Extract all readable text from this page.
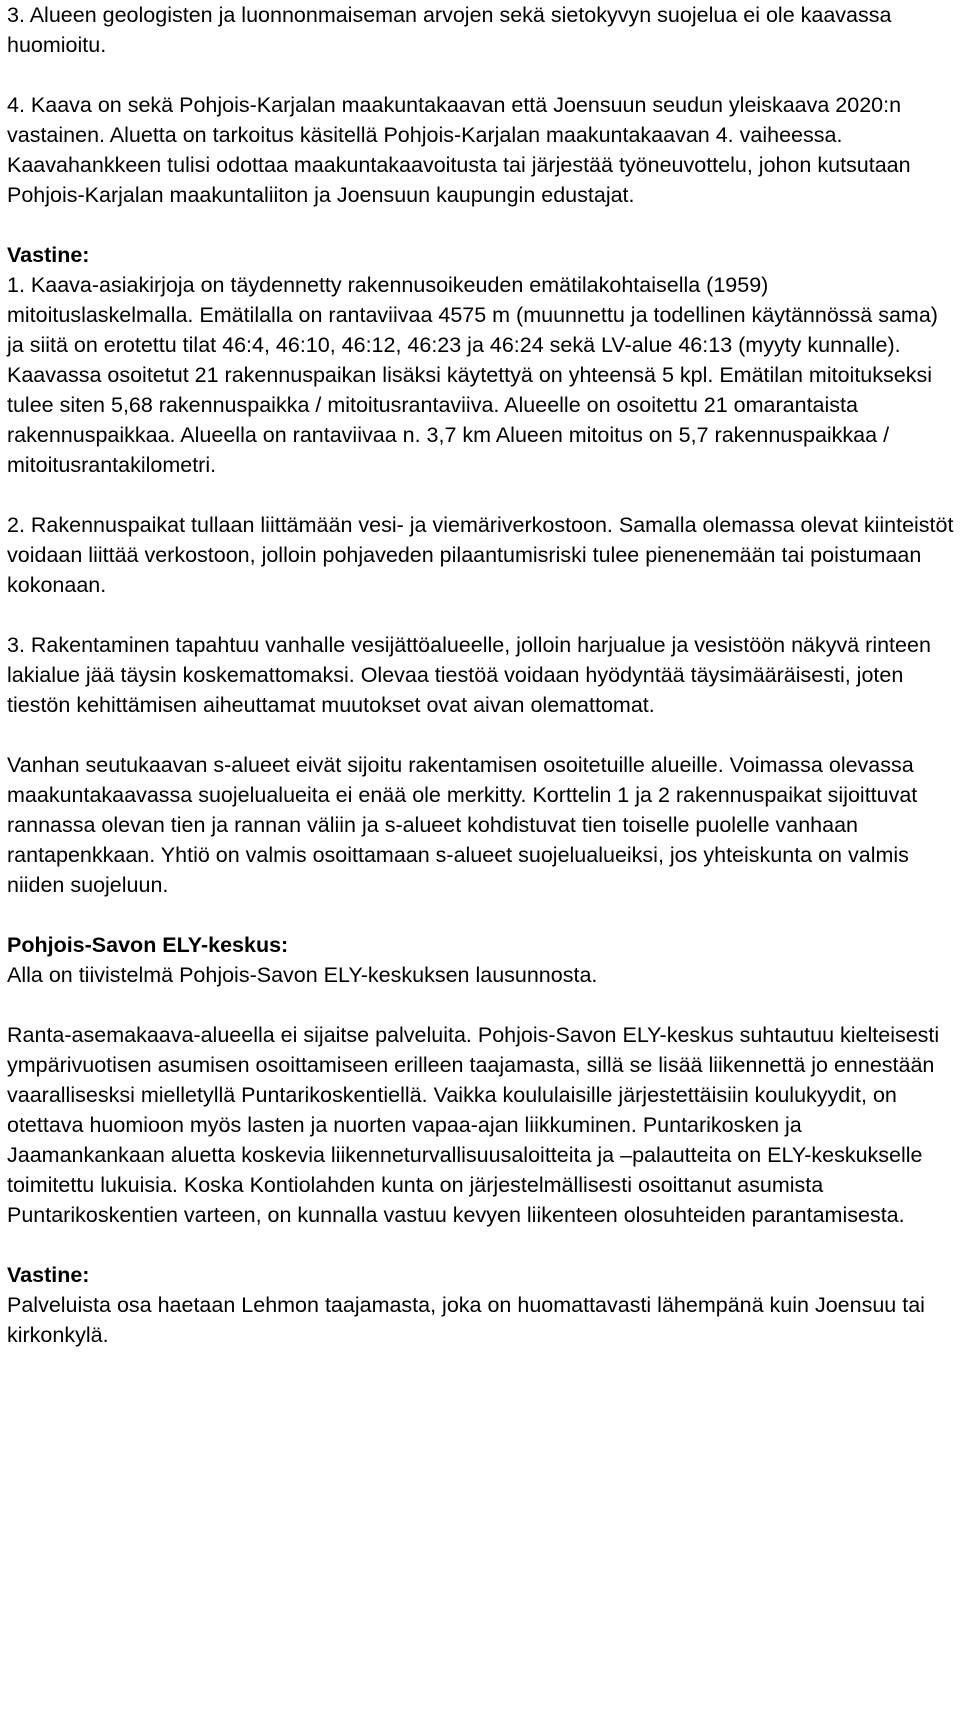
3. Alueen geologisten ja luonnonmaiseman arvojen sekä sietokyvyn suojelua ei ole kaavassa huomioitu.

4. Kaava on sekä Pohjois-Karjalan maakuntakaavan että Joensuun seudun yleiskaava 2020:n vastainen. Aluetta on tarkoitus käsitellä Pohjois-Karjalan maakuntakaavan 4. vaiheessa. Kaavahankkeen tulisi odottaa maakuntakaavoitusta tai järjestää työneuvottelu, johon kutsutaan Pohjois-Karjalan maakuntaliiton ja Joensuun kaupungin edustajat.

Vastine:

1. Kaava-asiakirjoja on täydennetty rakennusoikeuden emätilakohtaisella (1959) mitoituslaskelmalla. Emätilalla on rantaviivaa 4575 m (muunnettu ja todellinen käytännössä sama) ja siitä on erotettu tilat 46:4, 46:10, 46:12, 46:23 ja 46:24 sekä LV-alue 46:13 (myyty kunnalle). Kaavassa osoitetut 21 rakennuspaikan lisäksi käytettyä on yhteensä 5 kpl. Emätilan mitoitukseksi tulee siten 5,68 rakennuspaikka / mitoitusrantaviiva. Alueelle on osoitettu 21 omarantaista rakennuspaikkaa. Alueella on rantaviivaa n. 3,7 km Alueen mitoitus on 5,7 rakennuspaikkaa / mitoitusrantakilometri.

2. Rakennuspaikat tullaan liittämään vesi- ja viemäriverkostoon. Samalla olemassa olevat kiinteistöt voidaan liittää verkostoon, jolloin pohjaveden pilaantumisriski tulee pienenemään tai poistumaan kokonaan.

3. Rakentaminen tapahtuu vanhalle vesijättöalueelle, jolloin harjualue ja vesistöön näkyvä rinteen lakialue jää täysin koskemattomaksi. Olevaa tiestöä voidaan hyödyntää täysimääräisesti, joten tiestön kehittämisen aiheuttamat muutokset ovat aivan olemattomat.

Vanhan seutukaavan s-alueet eivät sijoitu rakentamisen osoitetuille alueille. Voimassa olevassa maakuntakaavassa suojelualueita ei enää ole merkitty. Korttelin 1 ja 2 rakennuspaikat sijoittuvat rannassa olevan tien ja rannan väliin ja s-alueet kohdistuvat tien toiselle puolelle vanhaan rantapenkkaan. Yhtiö on valmis osoittamaan s-alueet suojelualueiksi, jos yhteiskunta on valmis niiden suojeluun.

Pohjois-Savon ELY-keskus:

Alla on tiivistelmä Pohjois-Savon ELY-keskuksen lausunnosta.

Ranta-asemakaava-alueella ei sijaitse palveluita. Pohjois-Savon ELY-keskus suhtautuu kielteisesti ympärivuotisen asumisen osoittamiseen erilleen taajamasta, sillä se lisää liikennettä jo ennestään vaarallisesksi mielletyllä Puntarikoskentiellä. Vaikka koululaisille järjestettäisiin koulukyydit, on otettava huomioon myös lasten ja nuorten vapaa-ajan liikkuminen. Puntarikosken ja Jaamankankaan aluetta koskevia liikenneturvallisuusaloitteita ja –palautteita on ELY-keskukselle toimitettu lukuisia. Koska Kontiolahden kunta on järjestelmällisesti osoittanut asumista Puntarikoskentien varteen, on kunnalla vastuu kevyen liikenteen olosuhteiden parantamisesta.

Vastine:

Palveluista osa haetaan Lehmon taajamasta, joka on huomattavasti lähempänä kuin Joensuu tai kirkonkylä.
